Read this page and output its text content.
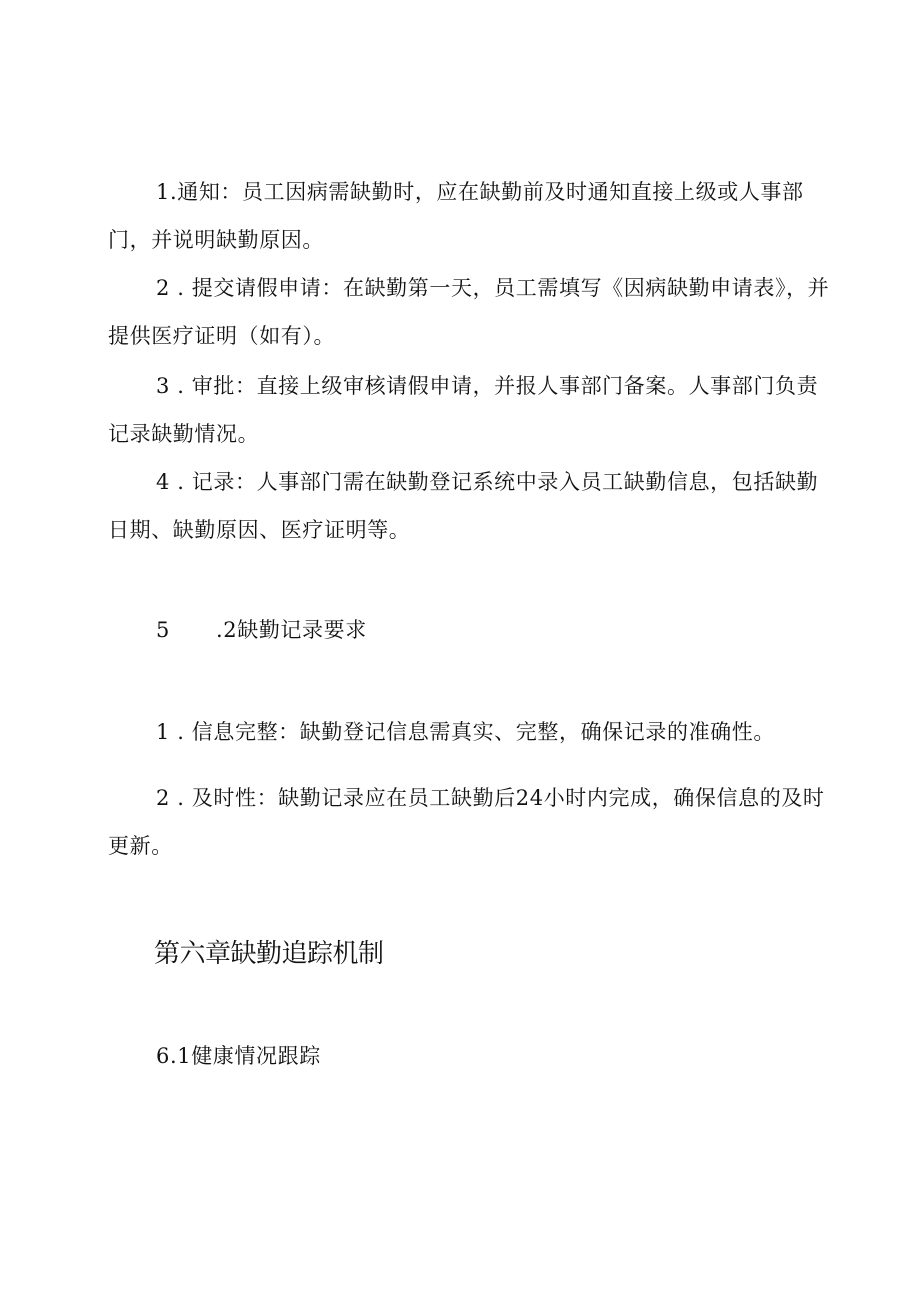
1.通知：员工因病需缺勤时，应在缺勤前及时通知直接上级或人事部门，并说明缺勤原因。

2 . 提交请假申请：在缺勤第一天，员工需填写《因病缺勤申请表》，并提供医疗证明（如有）。

3 . 审批：直接上级审核请假申请，并报人事部门备案。人事部门负责记录缺勤情况。

4 . 记录：人事部门需在缺勤登记系统中录入员工缺勤信息，包括缺勤日期、缺勤原因、医疗证明等。

5 .2缺勤记录要求

1 . 信息完整：缺勤登记信息需真实、完整，确保记录的准确性。

2 . 及时性：缺勤记录应在员工缺勤后24小时内完成，确保信息的及时更新。

第六章缺勤追踪机制

6.1健康情况跟踪
